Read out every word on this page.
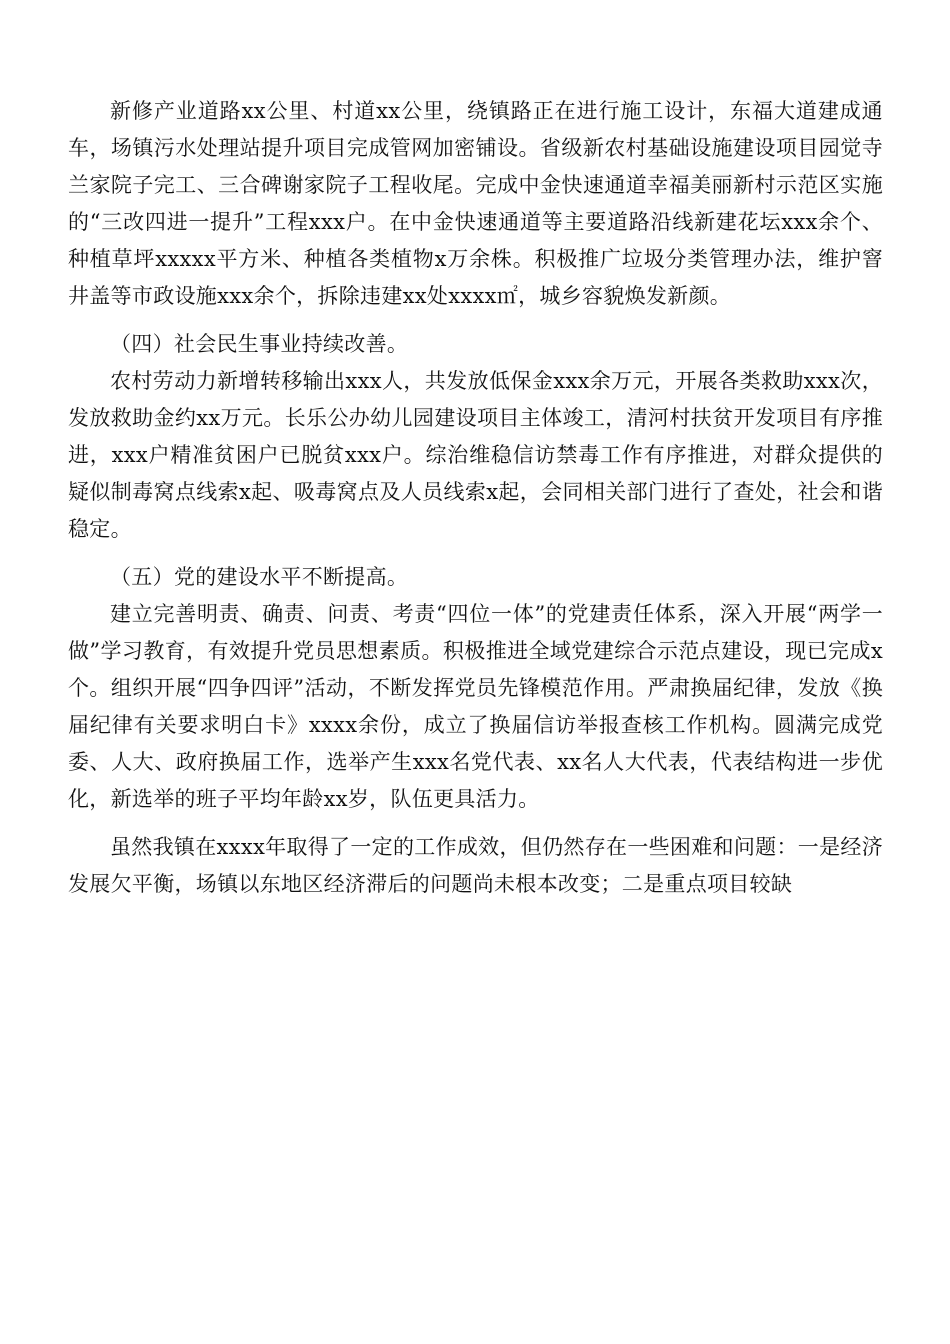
新修产业道路xx公里、村道xx公里，绕镇路正在进行施工设计，东福大道建成通车，场镇污水处理站提升项目完成管网加密铺设。省级新农村基础设施建设项目园觉寺兰家院子完工、三合碑谢家院子工程收尾。完成中金快速通道幸福美丽新村示范区实施的“三改四进一提升”工程xxx户。在中金快速通道等主要道路沿线新建花坛xxx余个、种植草坪xxxxx平方米、种植各类植物x万余株。积极推广垃圾分类管理办法，维护窨井盖等市政设施xxx余个，拆除违建xx处xxxx㎡，城乡容貌焕发新颜。

（四）社会民生事业持续改善。

农村劳动力新增转移输出xxx人，共发放低保金xxx余万元，开展各类救助xxx次，发放救助金约xx万元。长乐公办幼儿园建设项目主体竣工，清河村扶贫开发项目有序推进，xxx户精准贫困户已脱贫xxx户。综治维稳信访禁毒工作有序推进，对群众提供的疑似制毒窝点线索x起、吸毒窝点及人员线索x起，会同相关部门进行了查处，社会和谐稳定。

（五）党的建设水平不断提高。

建立完善明责、确责、问责、考责“四位一体”的党建责任体系，深入开展“两学一做”学习教育，有效提升党员思想素质。积极推进全域党建综合示范点建设，现已完成x个。组织开展“四争四评”活动，不断发挥党员先锋模范作用。严肃换届纪律，发放《换届纪律有关要求明白卡》xxxx余份，成立了换届信访举报查核工作机构。圆满完成党委、人大、政府换届工作，选举产生xxx名党代表、xx名人大代表，代表结构进一步优化，新选举的班子平均年龄xx岁，队伍更具活力。

虽然我镇在xxxx年取得了一定的工作成效，但仍然存在一些困难和问题：一是经济发展欠平衡，场镇以东地区经济滞后的问题尚未根本改变；二是重点项目较缺
